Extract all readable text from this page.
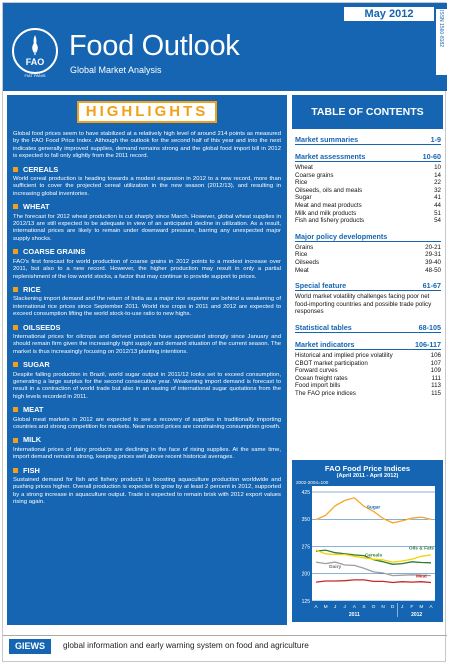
May 2012	ISSN 1560-8182
FAO
FIAT PANIS
Food Outlook
Global Market Analysis
HIGHLIGHTS

Global food prices seem to have stabilized at a relatively high level of around 214 points as measured by the FAO Food Price Index. Although the outlook for the second half of this year and into the next indicates generally improved supplies, demand remains strong and the global food import bill in 2012 is expected to fall only slightly from the 2011 record.

CEREALS

World cereal production is heading towards a modest expansion in 2012 to a new record, more than sufficient to cover the projected cereal utilization in the new season (2012/13), and resulting in increasing global inventories.

WHEAT

The forecast for 2012 wheat production is cut sharply since March. However, global wheat supplies in 2012/13 are still expected to be adequate in view of an anticipated decline in utilization. As a result, international prices are likely to remain under downward pressure, barring any unexpected major supply shocks.

COARSE GRAINS

FAO's first forecast for world production of coarse grains in 2012 points to a modest increase over 2011, but also to a new record. However, the higher production may result in only a partial replenishment of the low world stocks, a factor that may continue to provide support to prices.

RICE

Slackening import demand and the return of India as a major rice exporter are behind a weakening of international rice prices since September 2011. World rice crops in 2011 and 2012 are expected to exceed consumption lifting the world stock-to-use ratio to new highs.

OILSEEDS

International prices for oilcrops and derived products have appreciated strongly since January and should remain firm given the increasingly tight supply and demand situation of the current season. The market is thus increasingly focusing on 2012/13 planting intentions.

SUGAR

Despite falling production in Brazil, world sugar output in 2011/12 looks set to exceed consumption, generating a large surplus for the second consecutive year. Weakening import demand is forecast to result in a contraction of world trade but also in an easing of international sugar quotations from the high levels recorded in 2011.

MEAT

Global meat markets in 2012 are expected to see a recovery of supplies in traditionally importing countries and strong competition for markets. Near record prices are constraining consumption growth.

MILK

International prices of dairy products are declining in the face of rising supplies. At the same time, import demand remains strong, keeping prices well above recent historical averages.

FISH

Sustained demand for fish and fishery products is boosting aquaculture production worldwide and pushing prices higher. Overall production is expected to grow by at least 2 percent in 2012, supported by a strong increase in aquaculture output. Trade is expected to remain brisk with 2012 export values rising again.

TABLE OF CONTENTS
Market summaries	1-9
Market assessments	10-60
Wheat	10
Coarse grains	14
Rice	22
Oilseeds, oils and meals	32
Sugar	41
Meat and meat products	44
Milk and milk products	51
Fish and fishery products	54
Major policy developments
Grains	20-21
Rice	29-31
Oilseeds	39-40
Meat	48-50
Special feature	61-67
World market volatility challenges facing poor net food-importing countries and possible trade policy responses
Statistical tables	68-105
Market indicators	106-117
Historical and implied price volatility	106
CBOT market participation	107
Forward curves	109
Ocean freight rates	111
Food import bills	113
The FAO price indices	115
FAO Food Price Indices
(April 2011 - April 2012)
2002-2004=100
125
200
275
350
425
A M J J A S O N D J F M A
2011	2012
Sugar
Cereals
Oils & Fats
Dairy
Meat
GIEWS	global information and early warning system on food and agriculture
